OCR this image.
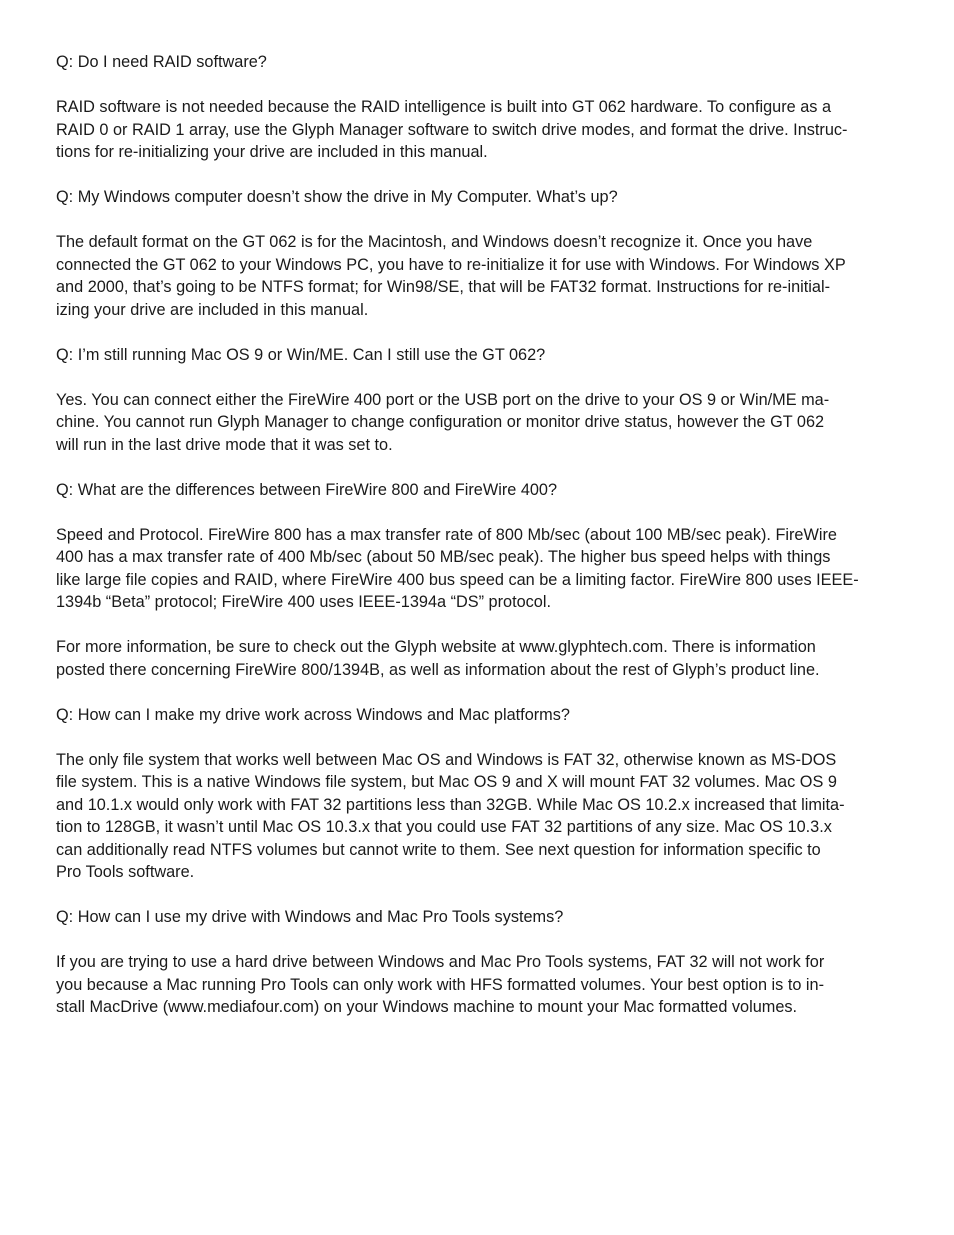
Q: Do I need RAID software?

RAID software is not needed because the RAID intelligence is built into GT 062 hardware. To configure as a
RAID 0 or RAID 1 array, use the Glyph Manager software to switch drive modes, and format the drive. Instruc-
tions for re-initializing your drive are included in this manual.

Q: My Windows computer doesn’t show the drive in My Computer. What’s up?

The default format on the GT 062 is for the Macintosh, and Windows doesn’t recognize it. Once you have
connected the GT 062 to your Windows PC, you have to re-initialize it for use with Windows. For Windows XP
and 2000, that’s going to be NTFS format; for Win98/SE, that will be FAT32 format. Instructions for re-initial-
izing your drive are included in this manual.

Q: I’m still running Mac OS 9 or Win/ME. Can I still use the GT 062?

Yes. You can connect either the FireWire 400 port or the USB port on the drive to your OS 9 or Win/ME ma-
chine. You cannot run Glyph Manager to change configuration or monitor drive status, however the GT 062
will run in the last drive mode that it was set to.

Q: What are the differences between FireWire 800 and FireWire 400?

Speed and Protocol. FireWire 800 has a max transfer rate of 800 Mb/sec (about 100 MB/sec peak). FireWire
400 has a max transfer rate of 400 Mb/sec (about 50 MB/sec peak). The higher bus speed helps with things
like large file copies and RAID, where FireWire 400 bus speed can be a limiting factor. FireWire 800 uses IEEE-
1394b “Beta” protocol; FireWire 400 uses IEEE-1394a “DS” protocol.

For more information, be sure to check out the Glyph website at www.glyphtech.com. There is information
posted there concerning FireWire 800/1394B, as well as information about the rest of Glyph’s product line.

Q: How can I make my drive work across Windows and Mac platforms?

The only file system that works well between Mac OS and Windows is FAT 32, otherwise known as MS-DOS
file system. This is a native Windows file system, but Mac OS 9 and X will mount FAT 32 volumes. Mac OS 9
and 10.1.x would only work with FAT 32 partitions less than 32GB. While Mac OS 10.2.x increased that limita-
tion to 128GB, it wasn’t until Mac OS 10.3.x that you could use FAT 32 partitions of any size. Mac OS 10.3.x
can additionally read NTFS volumes but cannot write to them. See next question for information specific to
Pro Tools software.

Q: How can I use my drive with Windows and Mac Pro Tools systems?

If you are trying to use a hard drive between Windows and Mac Pro Tools systems, FAT 32 will not work for
you because a Mac running Pro Tools can only work with HFS formatted volumes. Your best option is to in-
stall MacDrive (www.mediafour.com) on your Windows machine to mount your Mac formatted volumes.
